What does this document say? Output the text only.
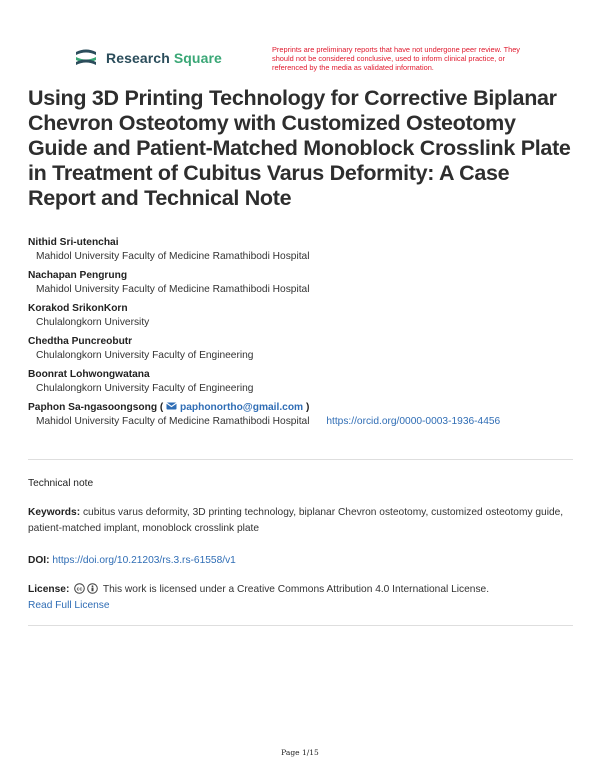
Research Square
Preprints are preliminary reports that have not undergone peer review. They should not be considered conclusive, used to inform clinical practice, or referenced by the media as validated information.
Using 3D Printing Technology for Corrective Biplanar Chevron Osteotomy with Customized Osteotomy Guide and Patient-Matched Monoblock Crosslink Plate in Treatment of Cubitus Varus Deformity: A Case Report and Technical Note
Nithid Sri-utenchai
Mahidol University Faculty of Medicine Ramathibodi Hospital
Nachapan Pengrung
Mahidol University Faculty of Medicine Ramathibodi Hospital
Korakod SrikonKorn
Chulalongkorn University
Chedtha Puncreobutr
Chulalongkorn University Faculty of Engineering
Boonrat Lohwongwatana
Chulalongkorn University Faculty of Engineering
Paphon Sa-ngasoongsong ( paphonortho@gmail.com )
Mahidol University Faculty of Medicine Ramathibodi Hospital https://orcid.org/0000-0003-1936-4456
Technical note
Keywords: cubitus varus deformity, 3D printing technology, biplanar Chevron osteotomy, customized osteotomy guide, patient-matched implant, monoblock crosslink plate
DOI: https://doi.org/10.21203/rs.3.rs-61558/v1
License: cc This work is licensed under a Creative Commons Attribution 4.0 International License.
Read Full License
Page 1/15
